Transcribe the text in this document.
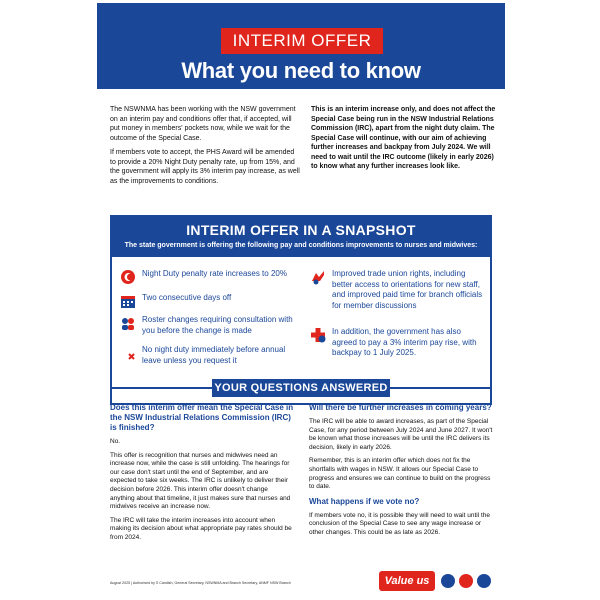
INTERIM OFFER
What you need to know

The NSWNMA has been working with the NSW government on an interim pay and conditions offer that, if accepted, will put money in members' pockets now, while we wait for the outcome of the Special Case.

If members vote to accept, the PHS Award will be amended to provide a 20% Night Duty penalty rate, up from 15%, and the government will apply its 3% interim pay increase, as well as the improvements to conditions.

This is an interim increase only, and does not affect the Special Case being run in the NSW Industrial Relations Commission (IRC), apart from the night duty claim. The Special Case will continue, with our aim of achieving further increases and backpay from July 2024. We will need to wait until the IRC outcome (likely in early 2026) to know what any further increases look like.

INTERIM OFFER IN A SNAPSHOT
The state government is offering the following pay and conditions improvements to nurses and midwives:
Night Duty penalty rate increases to 20%
Two consecutive days off
Roster changes requiring consultation with you before the change is made
No night duty immediately before annual leave unless you request it
Improved trade union rights, including better access to orientations for new staff, and improved paid time for branch officials for member discussions
In addition, the government has also agreed to pay a 3% interim pay rise, with backpay to 1 July 2025.
YOUR QUESTIONS ANSWERED
Does this interim offer mean the Special Case in the NSW Industrial Relations Commission (IRC) is finished?

No.

This offer is recognition that nurses and midwives need an increase now, while the case is still unfolding. The hearings for our case don't start until the end of September, and are expected to take six weeks. The IRC is unlikely to deliver their decision before 2026. This interim offer doesn't change anything about that timeline, it just makes sure that nurses and midwives receive an increase now.

The IRC will take the interim increases into account when making its decision about what appropriate pay rates should be from 2024.

Will there be further increases in coming years?

The IRC will be able to award increases, as part of the Special Case, for any period between July 2024 and June 2027. It won't be known what those increases will be until the IRC delivers its decision, likely in early 2026.

Remember, this is an interim offer which does not fix the shortfalls with wages in NSW. It allows our Special Case to progress and ensures we can continue to build on the progress to date.

What happens if we vote no?

If members vote no, it is possible they will need to wait until the conclusion of the Special Case to see any wage increase or other changes. This could be as late as 2026.

August 2025 | Authorised by S Candish, General Secretary, NSWNMA and Branch Secretary, ANMF NSW Branch	Value us
